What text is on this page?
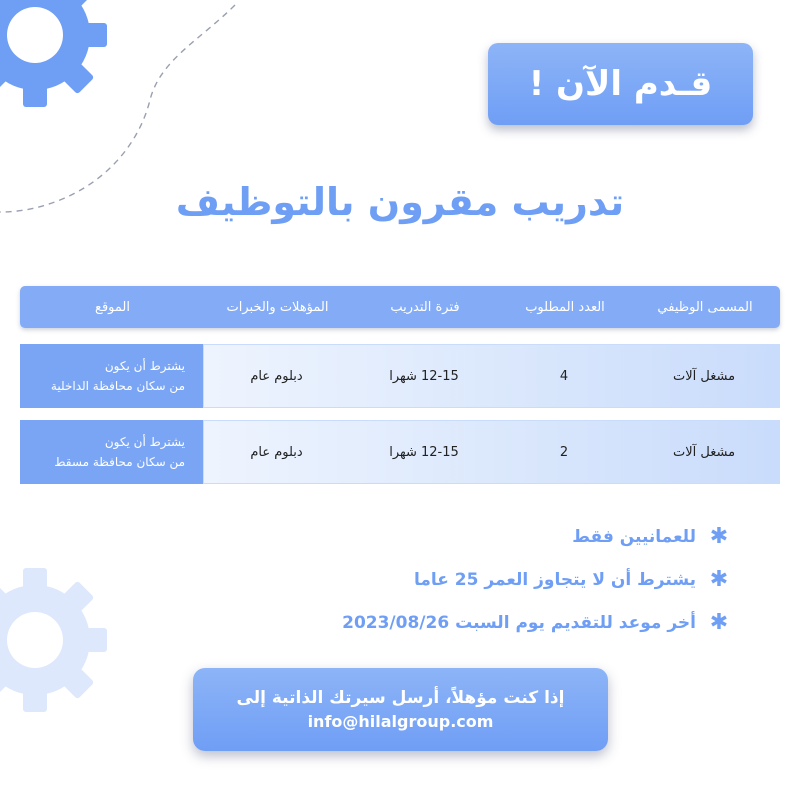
قـدم الآن !
تدريب مقرون بالتوظيف
المسمى الوظيفي
العدد المطلوب
فترة التدريب
المؤهلات والخبرات
الموقع
مشغل آلات
4
12-15 شهرا
دبلوم عام
يشترط أن يكون
من سكان محافظة الداخلية
مشغل آلات
2
12-15 شهرا
دبلوم عام
يشترط أن يكون
من سكان محافظة مسقط
✱
للعمانيين فقط
✱
يشترط أن لا يتجاوز العمر 25 عاما
✱
أخر موعد للتقديم يوم السبت 2023/08/26
إذا كنت مؤهلاً، أرسل سيرتك الذاتية إلى
info@hilalgroup.com
